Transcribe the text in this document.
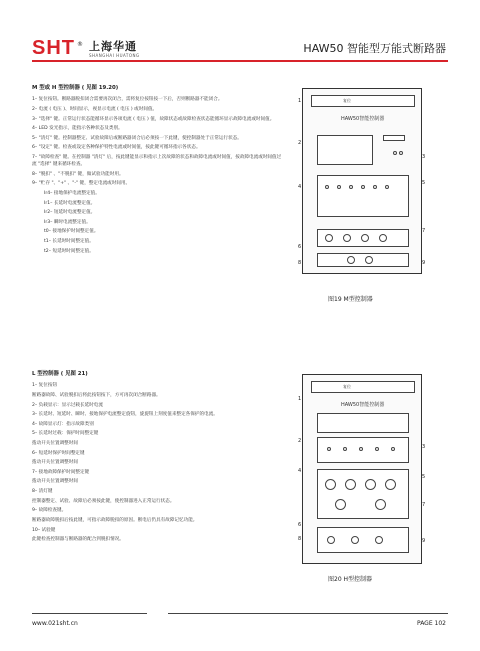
SHT ® 上海华通
SHANGHAI HUATONG
HAW50 智能型万能式断路器
M 型或 H 型控制器 ( 见图 19.20)
1– 复位按钮。断路器脱扣闭合需要再次闭合，需将复位按钮按一下后，否则断路器不能闭合。
2– 电流 ( 电压 )、时间显示，视显示电流 ( 电压 ) 或时间值。
3– "选择" 键。正常运行状态能循环显示各项电流 ( 电压 ) 值，故障状态或故障检查状态能循环显示故障电流或时间值。
4– LED 发光指示，能指示各种状态及类别。
5– "清灯" 键。控制器整定、试验故障后或断路器闭合后必须按一下此键，使控制器处于正常运行状态。
6– "设定" 键。检查或设定各种保护特性电流或时间值，按此键可循环指示各状态。
7– "故障检查" 键。在控制器 "清灯" 后，按此键能显示和指示上次故障的状态和故障电流或时间值，按故障电流或时间值过流 "选择" 键来循环检查。
8– "脱扣" 、"不脱扣" 键，做试验功能时用。
9– "贮存 "、"+" 、"-" 键，整定电流或时间用。
Ir4– 接地保护电流整定值。
Ir1– 长延时电流整定值。
Ir2– 短延时电流整定值。
Ir3– 瞬时电流整定值。
t0– 接地保护时间整定值。
t1– 长延时时间整定值。
t2– 短延时时间整定值。
L 型控制器 ( 见图 21)
1– 复位按钮
断路器故障、试验脱扣后将此按钮按下，方可再次闭合断路器。
2– 负载显示：显示过载长延时电流
3– 长延时、短延时、瞬时、接地保护电流整定旋钮，旋旋钮上刻度值来整定各保护的电流。
4– 故障显示灯：指示故障类别
5– 长延时过载：保护时间整定键
拨动开关位置调整时间
6– 短延时保护时间整定键
拨动开关位置调整时间
7– 接地故障保护时间整定键
拨动开关位置调整时间
8– 清灯键
控制器整定、试验、故障后必须按此键，使控制器进入正常运行状态。
9– 故障检查键。
断路器故障脱扣后按此键，可指示故障脱扣的原因。断电后仍具有故障记忆功能。
10– 试验键
此键检查控制器与断路器的配合到脱扣情况。
复位
HAW50智能控制器
1
2
3
4
5
6
7
8	9
图19 M型控制器
复位
HAW50智能控制器
1
2
3
4
5
6
7
8	9
图20 H型控制器
www.021sht.cn	PAGE 102
